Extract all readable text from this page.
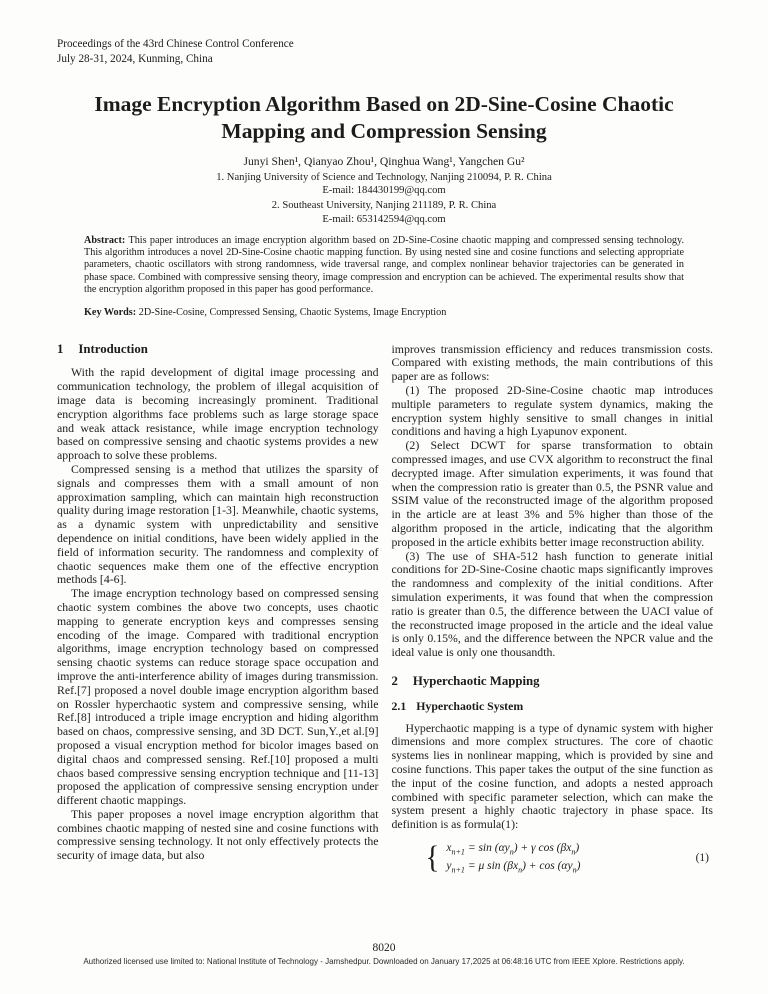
Proceedings of the 43rd Chinese Control Conference
July 28-31, 2024, Kunming, China
Image Encryption Algorithm Based on 2D-Sine-Cosine Chaotic Mapping and Compression Sensing
Junyi Shen¹, Qianyao Zhou¹, Qinghua Wang¹, Yangchen Gu²
1. Nanjing University of Science and Technology, Nanjing 210094, P. R. China
E-mail: 184430199@qq.com
2. Southeast University, Nanjing 211189, P. R. China
E-mail: 653142594@qq.com
Abstract: This paper introduces an image encryption algorithm based on 2D-Sine-Cosine chaotic mapping and compressed sensing technology. This algorithm introduces a novel 2D-Sine-Cosine chaotic mapping function. By using nested sine and cosine functions and selecting appropriate parameters, chaotic oscillators with strong randomness, wide traversal range, and complex nonlinear behavior trajectories can be generated in phase space. Combined with compressive sensing theory, image compression and encryption can be achieved. The experimental results show that the encryption algorithm proposed in this paper has good performance.
Key Words: 2D-Sine-Cosine, Compressed Sensing, Chaotic Systems, Image Encryption
1 Introduction

With the rapid development of digital image processing and communication technology, the problem of illegal acquisition of image data is becoming increasingly prominent. Traditional encryption algorithms face problems such as large storage space and weak attack resistance, while image encryption technology based on compressive sensing and chaotic systems provides a new approach to solve these problems.

Compressed sensing is a method that utilizes the sparsity of signals and compresses them with a small amount of non approximation sampling, which can maintain high reconstruction quality during image restoration [1-3]. Meanwhile, chaotic systems, as a dynamic system with unpredictability and sensitive dependence on initial conditions, have been widely applied in the field of information security. The randomness and complexity of chaotic sequences make them one of the effective encryption methods [4-6].

The image encryption technology based on compressed sensing chaotic system combines the above two concepts, uses chaotic mapping to generate encryption keys and compresses sensing encoding of the image. Compared with traditional encryption algorithms, image encryption technology based on compressed sensing chaotic systems can reduce storage space occupation and improve the anti-interference ability of images during transmission. Ref.[7] proposed a novel double image encryption algorithm based on Rossler hyperchaotic system and compressive sensing, while Ref.[8] introduced a triple image encryption and hiding algorithm based on chaos, compressive sensing, and 3D DCT. Sun,Y.,et al.[9] proposed a visual encryption method for bicolor images based on digital chaos and compressed sensing. Ref.[10] proposed a multi chaos based compressive sensing encryption technique and [11-13] proposed the application of compressive sensing encryption under different chaotic mappings.

This paper proposes a novel image encryption algorithm that combines chaotic mapping of nested sine and cosine functions with compressive sensing technology. It not only effectively protects the security of image data, but also

improves transmission efficiency and reduces transmission costs. Compared with existing methods, the main contributions of this paper are as follows:

(1) The proposed 2D-Sine-Cosine chaotic map introduces multiple parameters to regulate system dynamics, making the encryption system highly sensitive to small changes in initial conditions and having a high Lyapunov exponent.

(2) Select DCWT for sparse transformation to obtain compressed images, and use CVX algorithm to reconstruct the final decrypted image. After simulation experiments, it was found that when the compression ratio is greater than 0.5, the PSNR value and SSIM value of the reconstructed image of the algorithm proposed in the article are at least 3% and 5% higher than those of the algorithm proposed in the article, indicating that the algorithm proposed in the article exhibits better image reconstruction ability.

(3) The use of SHA-512 hash function to generate initial conditions for 2D-Sine-Cosine chaotic maps significantly improves the randomness and complexity of the initial conditions. After simulation experiments, it was found that when the compression ratio is greater than 0.5, the difference between the UACI value of the reconstructed image proposed in the article and the ideal value is only 0.15%, and the difference between the NPCR value and the ideal value is only one thousandth.

2 Hyperchaotic Mapping
2.1 Hyperchaotic System

Hyperchaotic mapping is a type of dynamic system with higher dimensions and more complex structures. The core of chaotic systems lies in nonlinear mapping, which is provided by sine and cosine functions. This paper takes the output of the sine function as the input of the cosine function, and adopts a nested approach combined with specific parameter selection, which can make the system present a highly chaotic trajectory in phase space. Its definition is as formula(1):

{ $x_{n+1} = \sin (\alpha y_n) + \gamma$ $\cos (\beta x_n)$
$y_{n+1} = \mu$ $\sin (\beta x_n) + \cos (\alpha y_n)$
(1)
8020
Authorized licensed use limited to: National Institute of Technology - Jamshedpur. Downloaded on January 17,2025 at 06:48:16 UTC from IEEE Xplore. Restrictions apply.
